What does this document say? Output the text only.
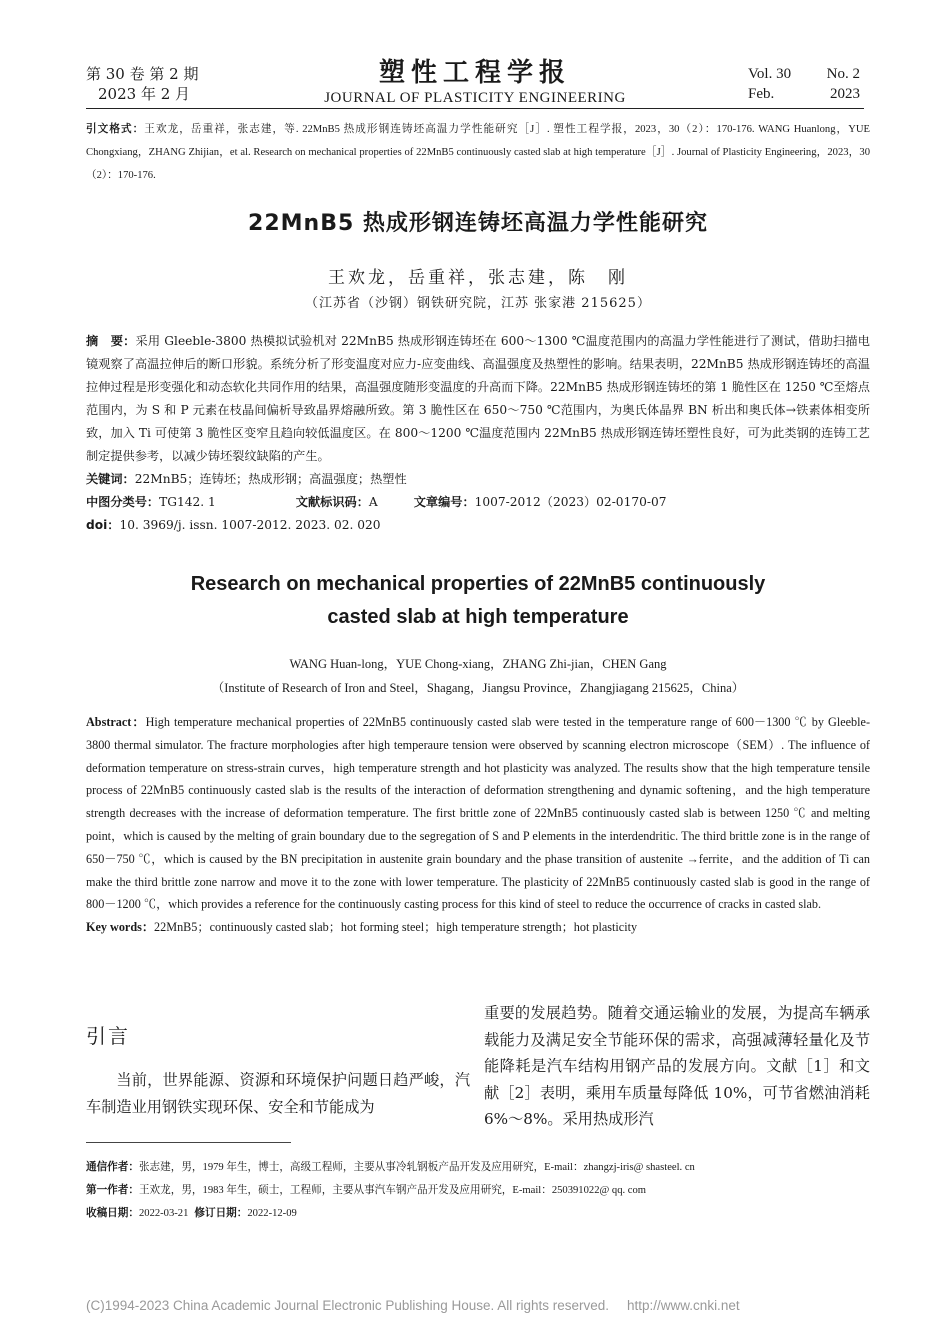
第 30 卷 第 2 期
2023 年 2 月
塑性工程学报
JOURNAL OF PLASTICITY ENGINEERING
Vol. 30 No. 2
Feb.	2023
引文格式：王欢龙，岳重祥，张志建，等. 22MnB5 热成形钢连铸坯高温力学性能研究［J］. 塑性工程学报，2023，30（2）：170-176. WANG Huanlong，YUE Chongxiang，ZHANG Zhijian，et al. Research on mechanical properties of 22MnB5 continuously casted slab at high temperature［J］. Journal of Plasticity Engineering，2023，30（2）：170-176.
22MnB5 热成形钢连铸坯高温力学性能研究
王欢龙，岳重祥，张志建，陈　刚
（江苏省（沙钢）钢铁研究院，江苏 张家港 215625）

摘　要：采用 Gleeble-3800 热模拟试验机对 22MnB5 热成形钢连铸坯在 600～1300 ℃温度范围内的高温力学性能进行了测试，借助扫描电镜观察了高温拉伸后的断口形貌。系统分析了形变温度对应力-应变曲线、高温强度及热塑性的影响。结果表明，22MnB5 热成形钢连铸坯的高温拉伸过程是形变强化和动态软化共同作用的结果，高温强度随形变温度的升高而下降。22MnB5 热成形钢连铸坯的第 1 脆性区在 1250 ℃至熔点范围内，为 S 和 P 元素在枝晶间偏析导致晶界熔融所致。第 3 脆性区在 650～750 ℃范围内，为奥氏体晶界 BN 析出和奥氏体→铁素体相变所致，加入 Ti 可使第 3 脆性区变窄且趋向较低温度区。在 800～1200 ℃温度范围内 22MnB5 热成形钢连铸坯塑性良好，可为此类钢的连铸工艺制定提供参考，以减少铸坯裂纹缺陷的产生。

关键词：22MnB5；连铸坯；热成形钢；高温强度；热塑性

中图分类号：TG142. 1	文献标识码：A	文章编号：1007-2012（2023）02-0170-07

doi：10. 3969/j. issn. 1007-2012. 2023. 02. 020

Research on mechanical properties of 22MnB5 continuously
casted slab at high temperature
WANG Huan-long，YUE Chong-xiang，ZHANG Zhi-jian，CHEN Gang
（Institute of Research of Iron and Steel，Shagang，Jiangsu Province，Zhangjiagang 215625，China）

Abstract：High temperature mechanical properties of 22MnB5 continuously casted slab were tested in the temperature range of 600－1300 ℃ by Gleeble-3800 thermal simulator. The fracture morphologies after high temperaure tension were observed by scanning electron microscope（SEM）. The influence of deformation temperature on stress-strain curves，high temperature strength and hot plasticity was analyzed. The results show that the high temperature tensile process of 22MnB5 continuously casted slab is the results of the interaction of deformation strengthening and dynamic softening，and the high temperature strength decreases with the increase of deformation temperature. The first brittle zone of 22MnB5 continuously casted slab is between 1250 ℃ and melting point，which is caused by the melting of grain boundary due to the segregation of S and P elements in the interdendritic. The third brittle zone is in the range of 650－750 ℃，which is caused by the BN precipitation in austenite grain boundary and the phase transition of austenite →ferrite，and the addition of Ti can make the third brittle zone narrow and move it to the zone with lower temperature. The plasticity of 22MnB5 continuously casted slab is good in the range of 800－1200 ℃，which provides a reference for the continuously casting process for this kind of steel to reduce the occurrence of cracks in casted slab.

Key words：22MnB5；continuously casted slab；hot forming steel；high temperature strength；hot plasticity

引言

当前，世界能源、资源和环境保护问题日趋严峻，汽车制造业用钢铁实现环保、安全和节能成为

重要的发展趋势。随着交通运输业的发展，为提高车辆承载能力及满足安全节能环保的需求，高强减薄轻量化及节能降耗是汽车结构用钢产品的发展方向。文献［1］和文献［2］表明，乘用车质量每降低 10%，可节省燃油消耗 6%～8%。采用热成形汽

通信作者：张志建，男，1979 年生，博士，高级工程师，主要从事冷轧钢板产品开发及应用研究，E-mail：zhangzj-iris@ shasteel. cn
第一作者：王欢龙，男，1983 年生，硕士，工程师，主要从事汽车钢产品开发及应用研究，E-mail：250391022@ qq. com
收稿日期：2022-03-21 修订日期：2022-12-09
(C)1994-2023 China Academic Journal Electronic Publishing House. All rights reserved. http://www.cnki.net
